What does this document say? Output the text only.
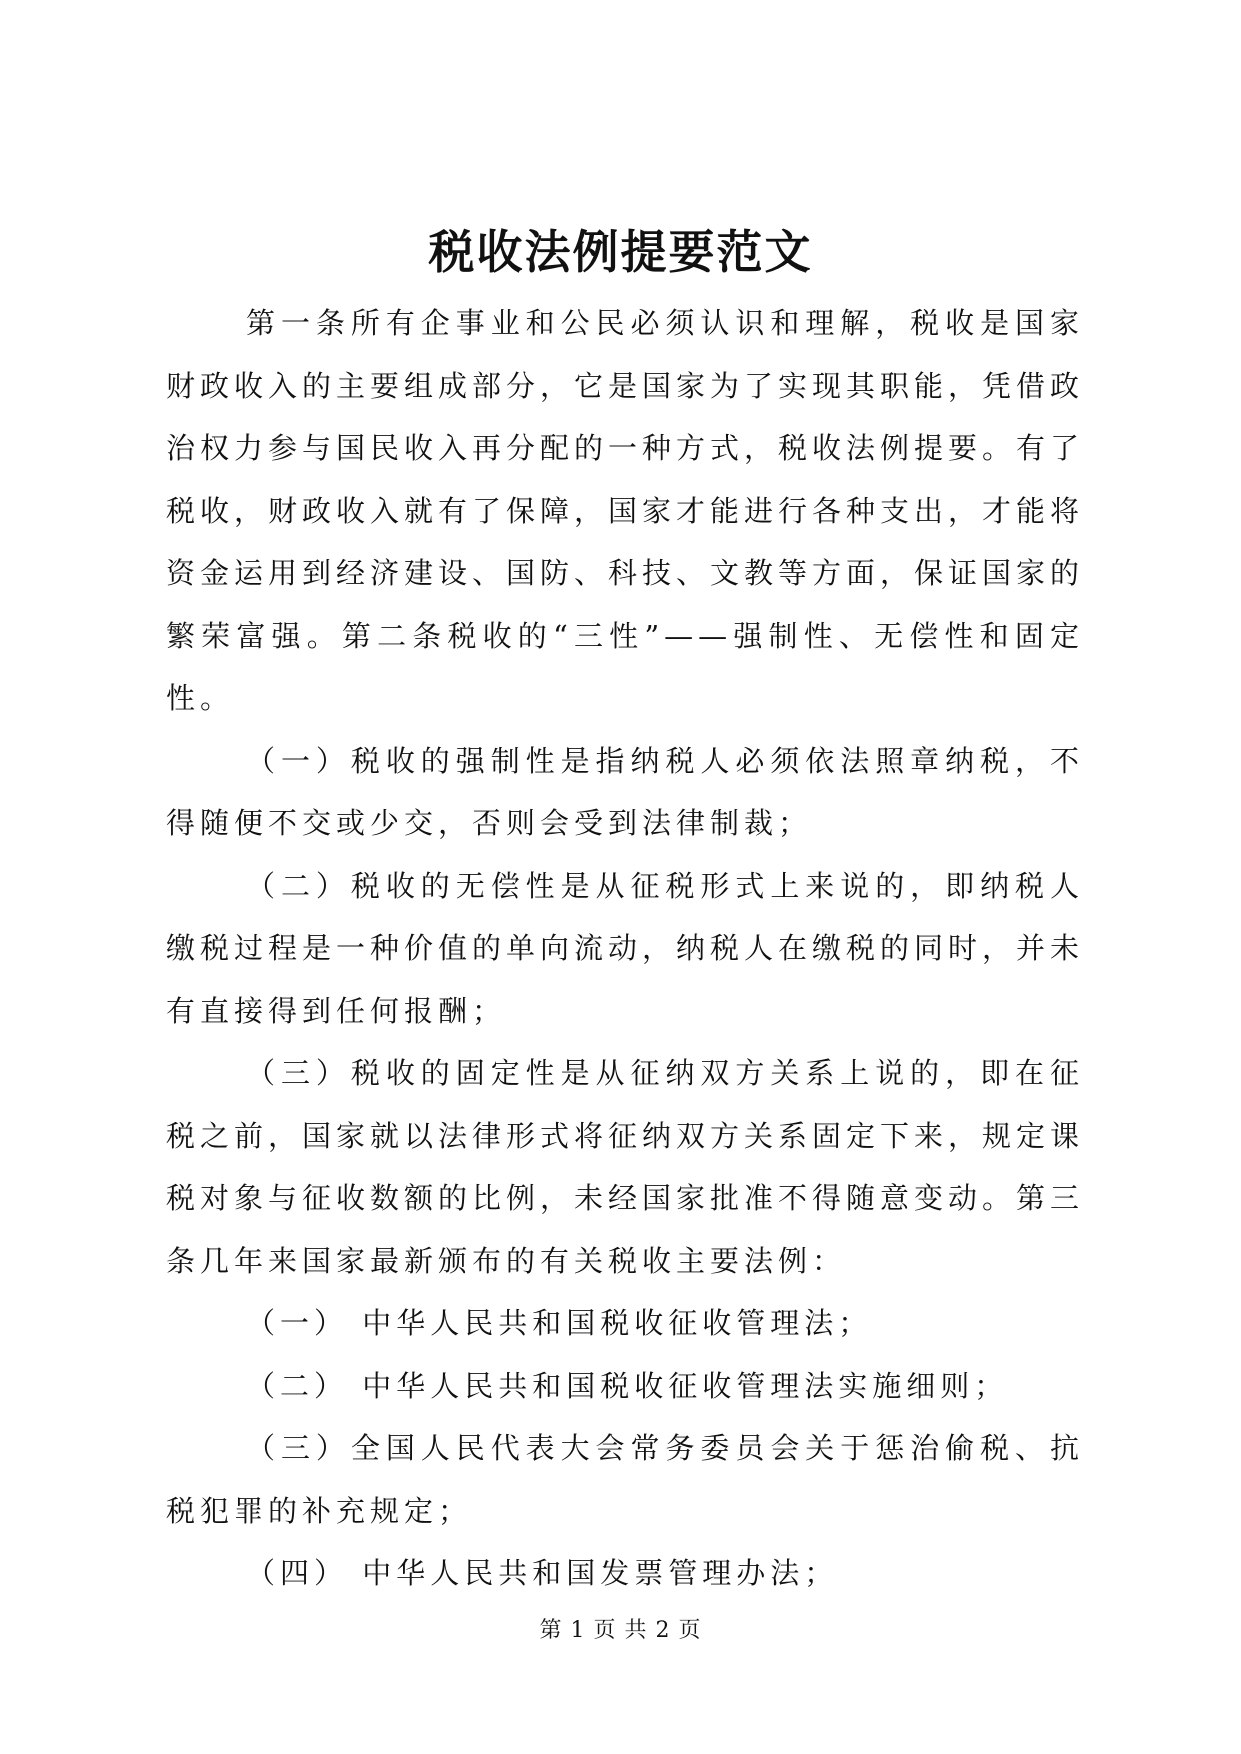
税收法例提要范文

第一条所有企事业和公民必须认识和理解，税收是国家财政收入的主要组成部分，它是国家为了实现其职能，凭借政治权力参与国民收入再分配的一种方式，税收法例提要。有了税收，财政收入就有了保障，国家才能进行各种支出，才能将资金运用到经济建设、国防、科技、文教等方面，保证国家的繁荣富强。第二条税收的“三性”——强制性、无偿性和固定性。

（一）税收的强制性是指纳税人必须依法照章纳税，不得随便不交或少交，否则会受到法律制裁；

（二）税收的无偿性是从征税形式上来说的，即纳税人缴税过程是一种价值的单向流动，纳税人在缴税的同时，并未有直接得到任何报酬；

（三）税收的固定性是从征纳双方关系上说的，即在征税之前，国家就以法律形式将征纳双方关系固定下来，规定课税对象与征收数额的比例，未经国家批准不得随意变动。第三条几年来国家最新颁布的有关税收主要法例：

（一） 中华人民共和国税收征收管理法；

（二） 中华人民共和国税收征收管理法实施细则；

（三）全国人民代表大会常务委员会关于惩治偷税、抗税犯罪的补充规定；

（四） 中华人民共和国发票管理办法；

第 1 页 共 2 页
